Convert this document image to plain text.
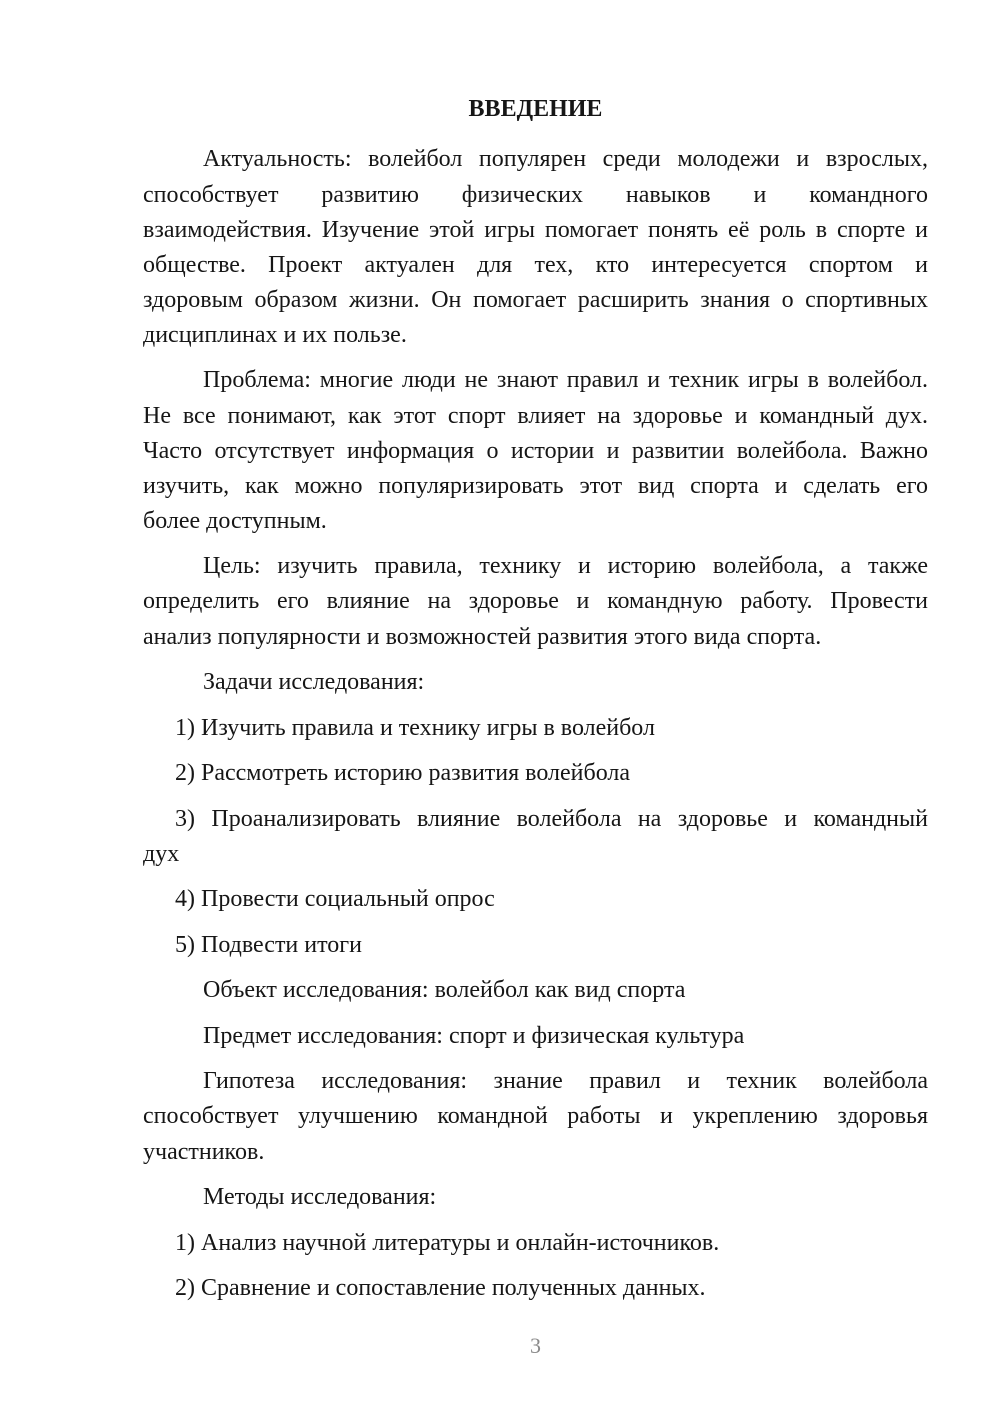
ВВЕДЕНИЕ
Актуальность: волейбол популярен среди молодежи и взрослых,
способствует развитию физических навыков и командного
взаимодействия. Изучение этой игры помогает понять её роль в спорте и
обществе. Проект актуален для тех, кто интересуется спортом и
здоровым образом жизни. Он помогает расширить знания о спортивных
дисциплинах и их пользе.
Проблема: многие люди не знают правил и техник игры в волейбол.
Не все понимают, как этот спорт влияет на здоровье и командный дух.
Часто отсутствует информация о истории и развитии волейбола. Важно
изучить, как можно популяризировать этот вид спорта и сделать его
более доступным.
Цель: изучить правила, технику и историю волейбола, а также
определить его влияние на здоровье и командную работу. Провести
анализ популярности и возможностей развития этого вида спорта.
Задачи исследования:
1) Изучить правила и технику игры в волейбол
2) Рассмотреть историю развития волейбола
3) Проанализировать влияние волейбола на здоровье и командный
дух
4) Провести социальный опрос
5) Подвести итоги
Объект исследования: волейбол как вид спорта
Предмет исследования: спорт и физическая культура
Гипотеза исследования: знание правил и техник волейбола
способствует улучшению командной работы и укреплению здоровья
участников.
Методы исследования:
1) Анализ научной литературы и онлайн-источников.
2) Сравнение и сопоставление полученных данных.
3
